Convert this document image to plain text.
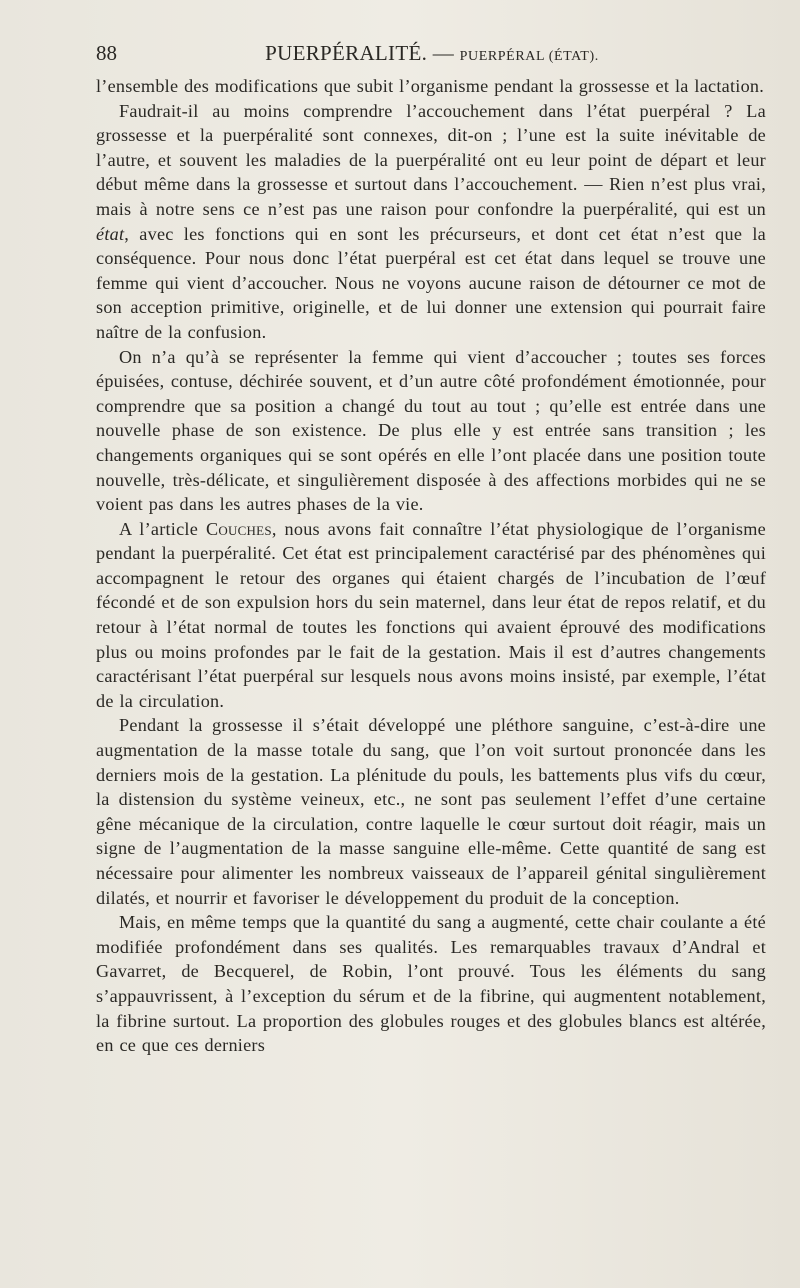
88	PUERPÉRALITÉ. — PUERPÉRAL (ÉTAT).

l’ensemble des modifications que subit l’organisme pendant la grossesse et la lactation.

Faudrait-il au moins comprendre l’accouchement dans l’état puerpéral ? La grossesse et la puerpéralité sont connexes, dit-on ; l’une est la suite inévitable de l’autre, et souvent les maladies de la puerpéralité ont eu leur point de départ et leur début même dans la grossesse et surtout dans l’accouchement. — Rien n’est plus vrai, mais à notre sens ce n’est pas une raison pour confondre la puerpéralité, qui est un état, avec les fonctions qui en sont les précurseurs, et dont cet état n’est que la conséquence. Pour nous donc l’état puerpéral est cet état dans lequel se trouve une femme qui vient d’accoucher. Nous ne voyons aucune raison de détourner ce mot de son acception primitive, originelle, et de lui donner une extension qui pourrait faire naître de la confusion.

On n’a qu’à se représenter la femme qui vient d’accoucher ; toutes ses forces épuisées, contuse, déchirée souvent, et d’un autre côté profondément émotionnée, pour comprendre que sa position a changé du tout au tout ; qu’elle est entrée dans une nouvelle phase de son existence. De plus elle y est entrée sans transition ; les changements organiques qui se sont opérés en elle l’ont placée dans une position toute nouvelle, très-délicate, et singulièrement disposée à des affections morbides qui ne se voient pas dans les autres phases de la vie.

A l’article Couches, nous avons fait connaître l’état physiologique de l’organisme pendant la puerpéralité. Cet état est principalement caractérisé par des phénomènes qui accompagnent le retour des organes qui étaient chargés de l’incubation de l’œuf fécondé et de son expulsion hors du sein maternel, dans leur état de repos relatif, et du retour à l’état normal de toutes les fonctions qui avaient éprouvé des modifications plus ou moins profondes par le fait de la gestation. Mais il est d’autres changements caractérisant l’état puerpéral sur lesquels nous avons moins insisté, par exemple, l’état de la circulation.

Pendant la grossesse il s’était développé une pléthore sanguine, c’est-à-dire une augmentation de la masse totale du sang, que l’on voit surtout prononcée dans les derniers mois de la gestation. La plénitude du pouls, les battements plus vifs du cœur, la distension du système veineux, etc., ne sont pas seulement l’effet d’une certaine gêne mécanique de la circulation, contre laquelle le cœur surtout doit réagir, mais un signe de l’augmentation de la masse sanguine elle-même. Cette quantité de sang est nécessaire pour alimenter les nombreux vaisseaux de l’appareil génital singulièrement dilatés, et nourrir et favoriser le développement du produit de la conception.

Mais, en même temps que la quantité du sang a augmenté, cette chair coulante a été modifiée profondément dans ses qualités. Les remarquables travaux d’Andral et Gavarret, de Becquerel, de Robin, l’ont prouvé. Tous les éléments du sang s’appauvrissent, à l’exception du sérum et de la fibrine, qui augmentent notablement, la fibrine surtout. La proportion des globules rouges et des globules blancs est altérée, en ce que ces derniers
